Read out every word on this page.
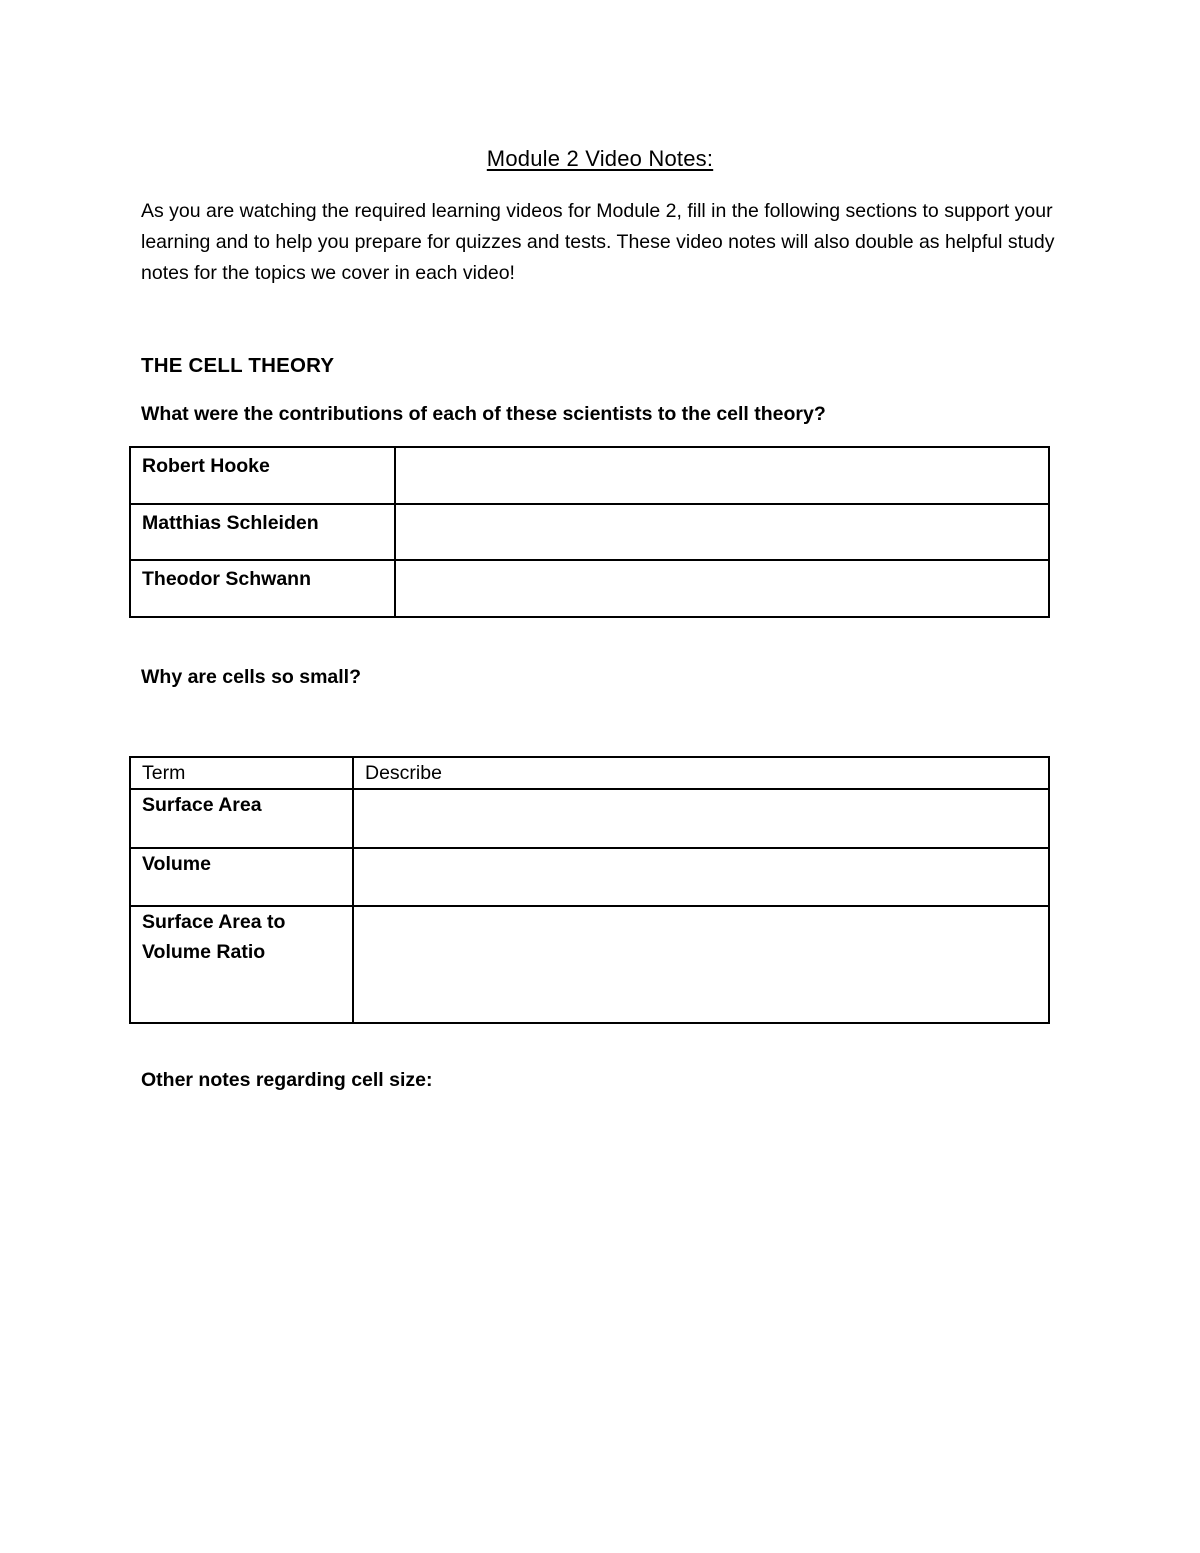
Module 2 Video Notes:

As you are watching the required learning videos for Module 2, fill in the following sections to support your learning and to help you prepare for quizzes and tests. These video notes will also double as helpful study notes for the topics we cover in each video!

THE CELL THEORY
What were the contributions of each of these scientists to the cell theory?
Robert Hooke	
Matthias Schleiden	
Theodor Schwann	
Why are cells so small?
Term	Describe
Surface Area	
Volume	
Surface Area to Volume Ratio	
Other notes regarding cell size:
